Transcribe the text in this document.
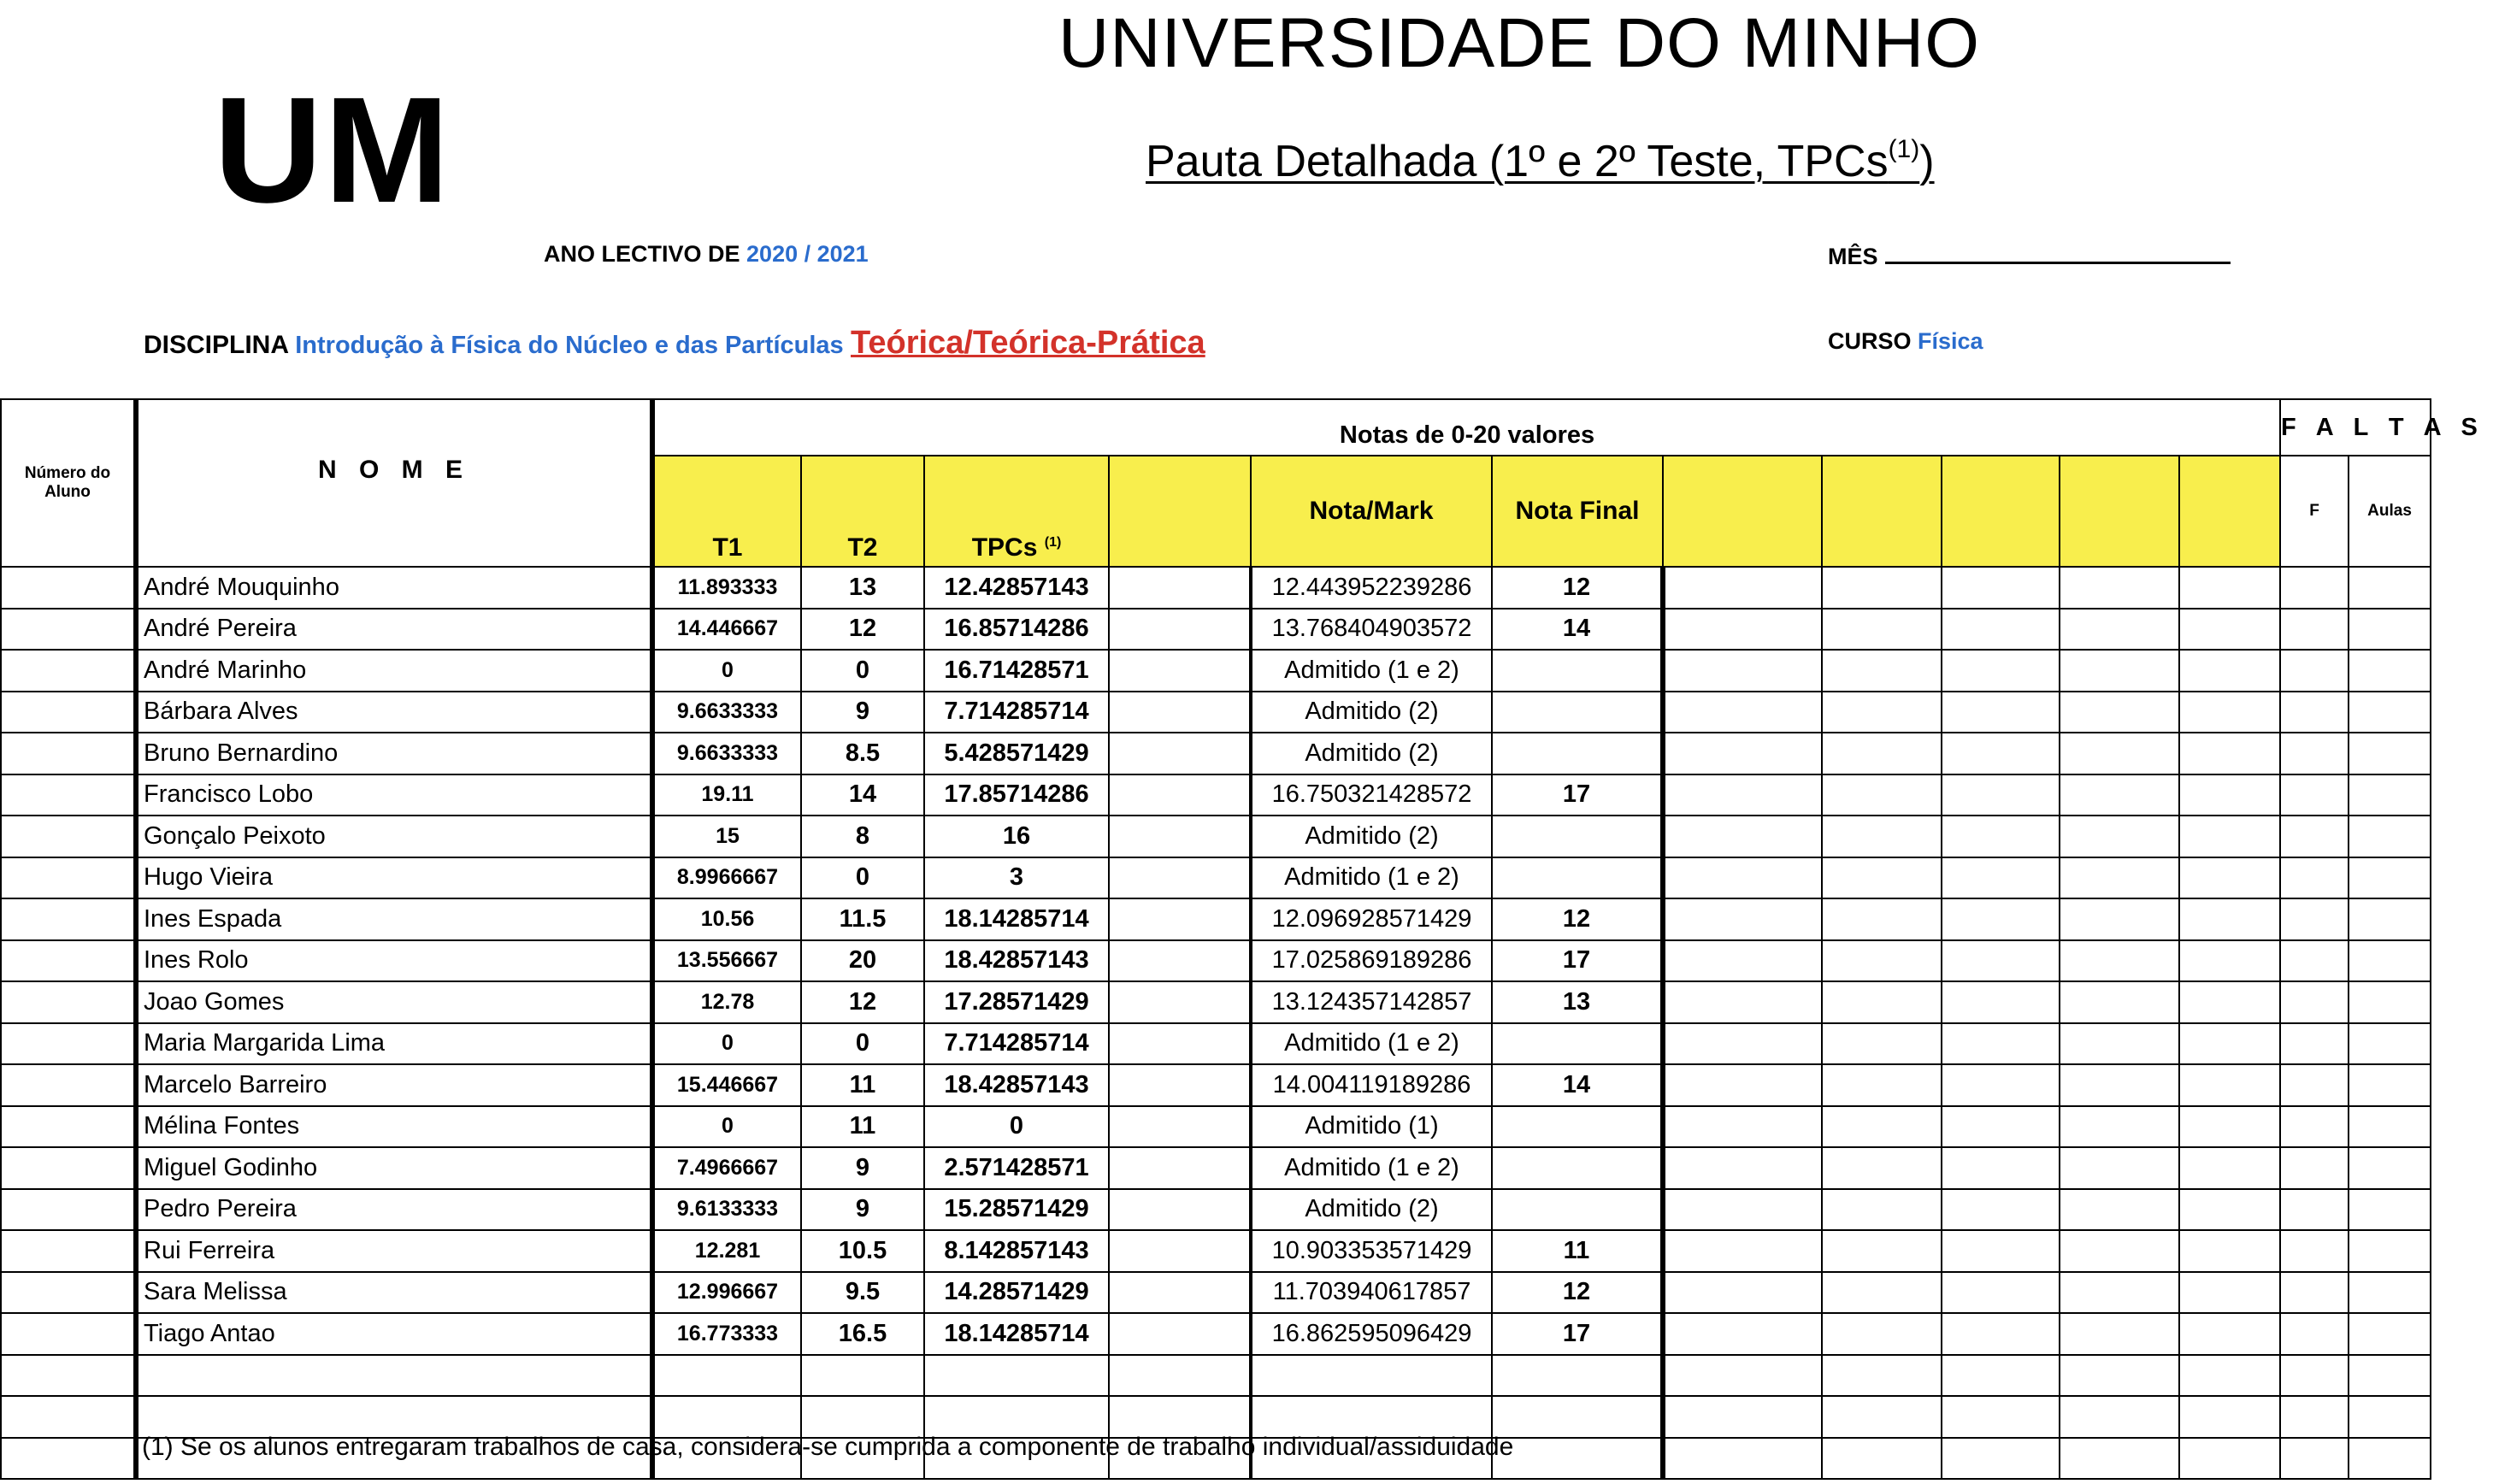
UM
UNIVERSIDADE DO MINHO
Pauta Detalhada (1º e 2º Teste, TPCs$^{(1)}$)
ANO LECTIVO DE 2020 / 2021	MÊS
DISCIPLINA Introdução à Física do Núcleo e das Partículas Teórica/Teórica-Prática	CURSO Física
Número do Aluno	N O M E	Notas de 0-20 valores											F A L T A S	
		T1	T2	TPCs $^{(1)}$		Nota/Mark	Nota Final						F	Aulas
	André Mouquinho	11.893333	13	12.42857143		12.443952239286	12							
	André Pereira	14.446667	12	16.85714286		13.768404903572	14							
	André Marinho	0	0	16.71428571		Admitido (1 e 2)								
	Bárbara Alves	9.6633333	9	7.714285714		Admitido (2)								
	Bruno Bernardino	9.6633333	8.5	5.428571429		Admitido (2)								
	Francisco Lobo	19.11	14	17.85714286		16.750321428572	17							
	Gonçalo Peixoto	15	8	16		Admitido (2)								
	Hugo Vieira	8.9966667	0	3		Admitido (1 e 2)								
	Ines Espada	10.56	11.5	18.14285714		12.096928571429	12							
	Ines Rolo	13.556667	20	18.42857143		17.025869189286	17							
	Joao Gomes	12.78	12	17.28571429		13.124357142857	13							
	Maria Margarida Lima	0	0	7.714285714		Admitido (1 e 2)								
	Marcelo Barreiro	15.446667	11	18.42857143		14.004119189286	14							
	Mélina Fontes	0	11	0		Admitido (1)								
	Miguel Godinho	7.4966667	9	2.571428571		Admitido (1 e 2)								
	Pedro Pereira	9.6133333	9	15.28571429		Admitido (2)								
	Rui Ferreira	12.281	10.5	8.142857143		10.903353571429	11							
	Sara Melissa	12.996667	9.5	14.28571429		11.703940617857	12							
	Tiago Antao	16.773333	16.5	18.14285714		16.862595096429	17							

(1) Se os alunos entregaram trabalhos de casa, considera-se cumprida a componente de trabalho individual/assiduidade
